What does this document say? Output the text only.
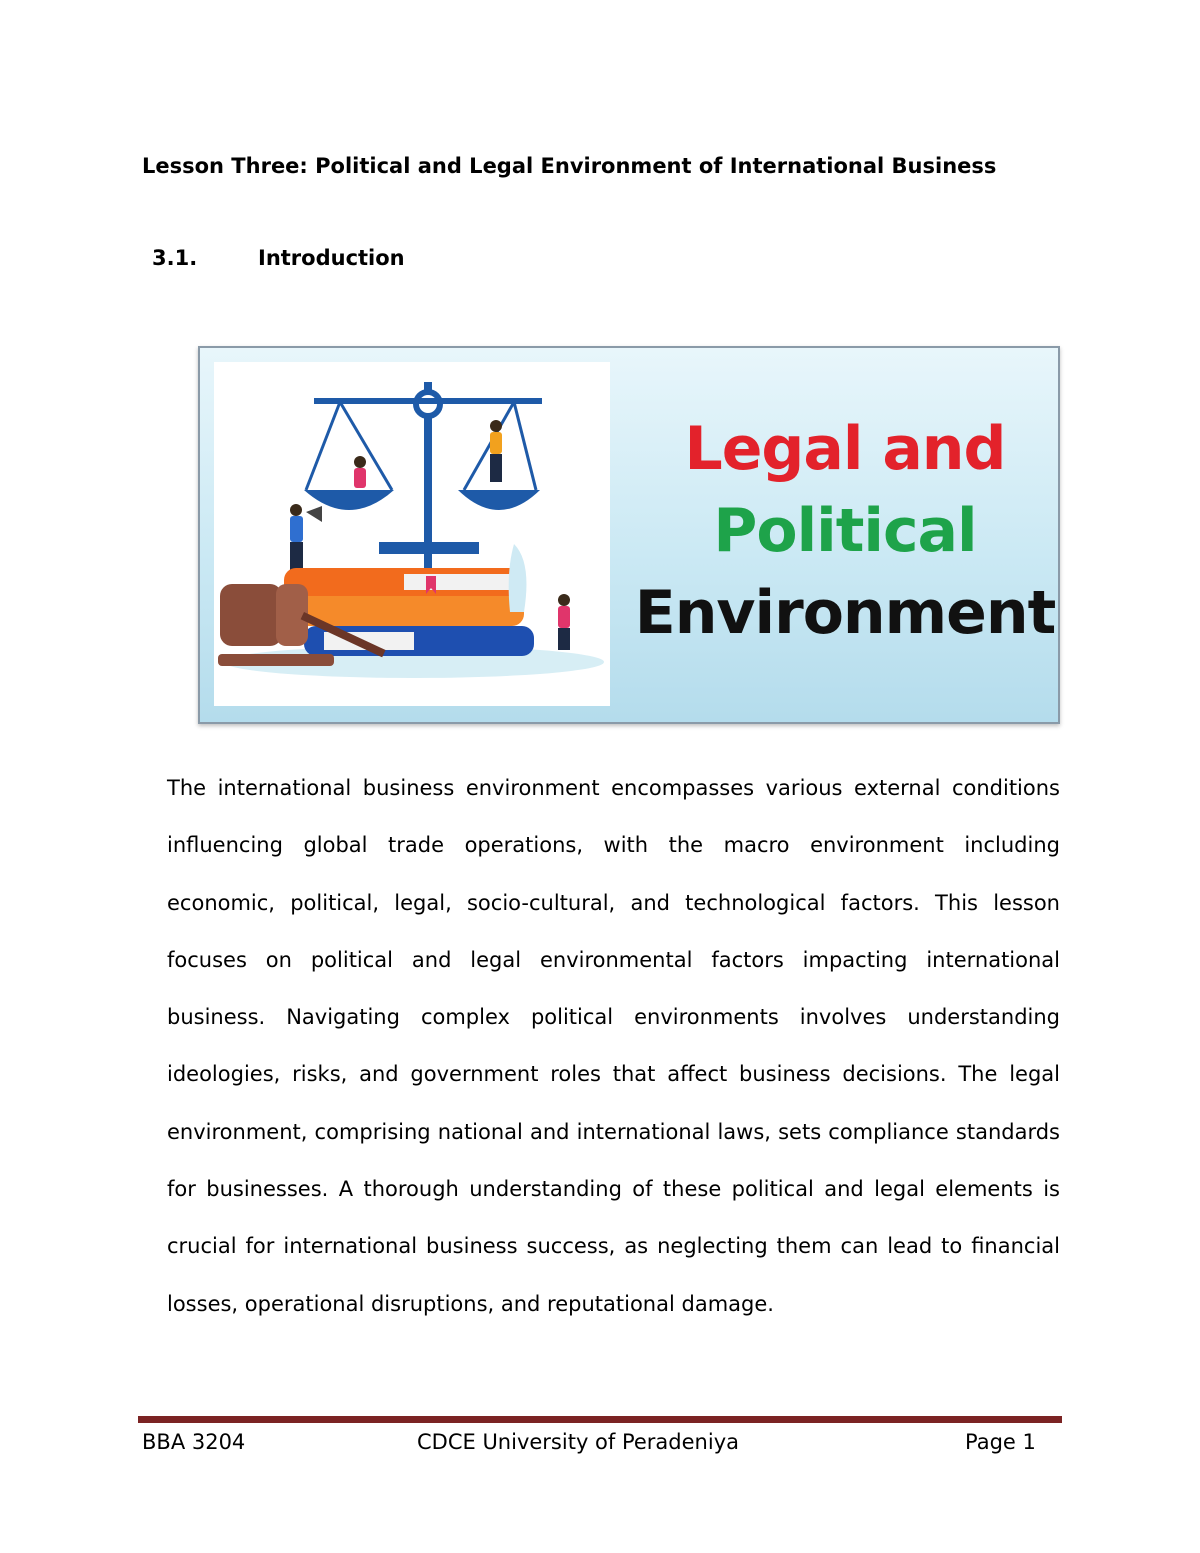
Lesson Three: Political and Legal Environment of International Business
3.1.	Introduction
Legal and
Political
Environment

The international business environment encompasses various external conditions influencing global trade operations, with the macro environment including economic, political, legal, socio-cultural, and technological factors. This lesson focuses on political and legal environmental factors impacting international business. Navigating complex political environments involves understanding ideologies, risks, and government roles that affect business decisions. The legal environment, comprising national and international laws, sets compliance standards for businesses. A thorough understanding of these political and legal elements is crucial for international business success, as neglecting them can lead to financial losses, operational disruptions, and reputational damage.

BBA 3204	CDCE University of Peradeniya	Page 1
